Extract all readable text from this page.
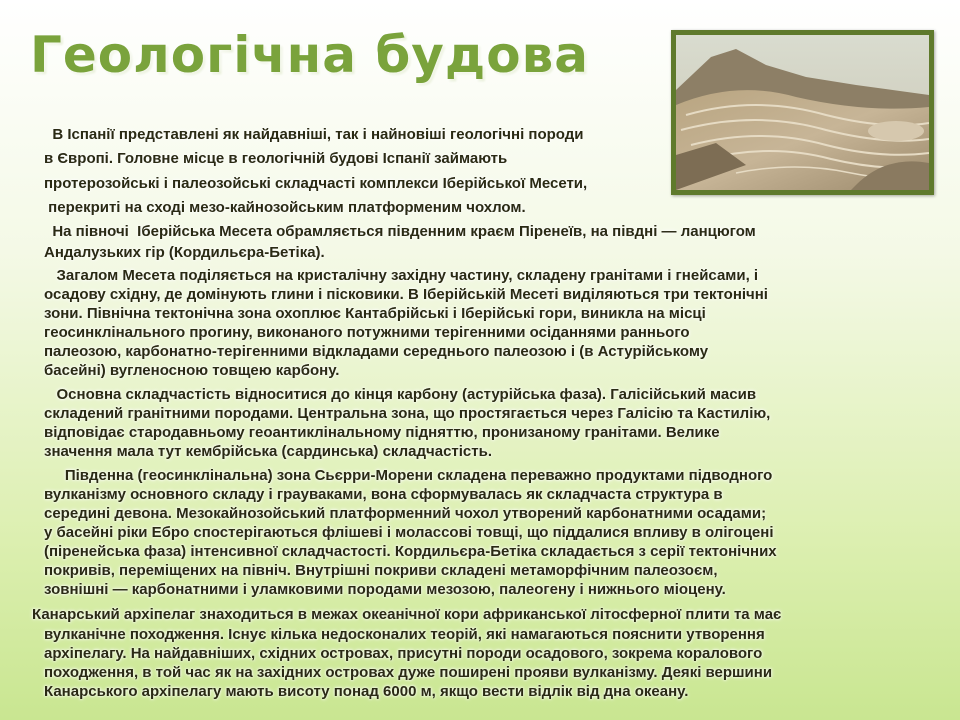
Геологічна будова
В Іспанії представлені як найдавніші, так і найновіші геологічні породи
в Європі. Головне місце в геологічній будові Іспанії займають
протерозойські і палеозойські складчасті комплекси Іберійської Месети,
перекриті на сході мезо-кайнозойським платформеним чохлом.
На півночі  Іберійська Месета обрамляється південним краєм Піренеїв, на півдні — ланцюгом
Андалузьких гір (Кордильєра-Бетіка).
Загалом Месета поділяється на кристалічну західну частину, складену гранітами і гнейсами, і
осадову східну, де домінують глини і пісковики. В Іберійській Месеті виділяються три тектонічні
зони. Північна тектонічна зона охоплює Кантабрійські і Іберійські гори, виникла на місці
геосинклінального прогину, виконаного потужними терігенними осіданнями раннього
палеозою, карбонатно-терігенними відкладами середнього палеозою і (в Астурійському
басейні) вугленосною товщею карбону.
Основна складчастість відноситися до кінця карбону (астурійська фаза). Галісійський масив
складений гранітними породами. Центральна зона, що простягається через Галісію та Кастилію,
відповідає стародавньому геоантиклінальному підняттю, пронизаному гранітами. Велике
значення мала тут кембрійська (сардинська) складчастість.
Південна (геосинклінальна) зона Сьєрри-Морени складена переважно продуктами підводного
вулканізму основного складу і грауваками, вона сформувалась як складчаста структура в
середині девона. Мезокайнозойський платформенний чохол утворений карбонатними осадами;
у басейні ріки Ебро спостерігаються флішеві і молассові товщі, що піддалися впливу в олігоцені
(піренейська фаза) інтенсивної складчастості. Кордильєра-Бетіка складається з серії тектонічних
покривів, переміщених на північ. Внутрішні покриви складені метаморфічним палеозоєм,
зовнішні — карбонатними і уламковими породами мезозою, палеогену і нижнього міоцену.
Канарський архіпелаг знаходиться в межах океанічної кори африканської літосферної плити та має
вулканічне походження. Існує кілька недосконалих теорій, які намагаються пояснити утворення
архіпелагу. На найдавніших, східних островах, присутні породи осадового, зокрема коралового
походження, в той час як на західних островах дуже поширені прояви вулканізму. Деякі вершини
Канарського архіпелагу мають висоту понад 6000 м, якщо вести відлік від дна океану.
